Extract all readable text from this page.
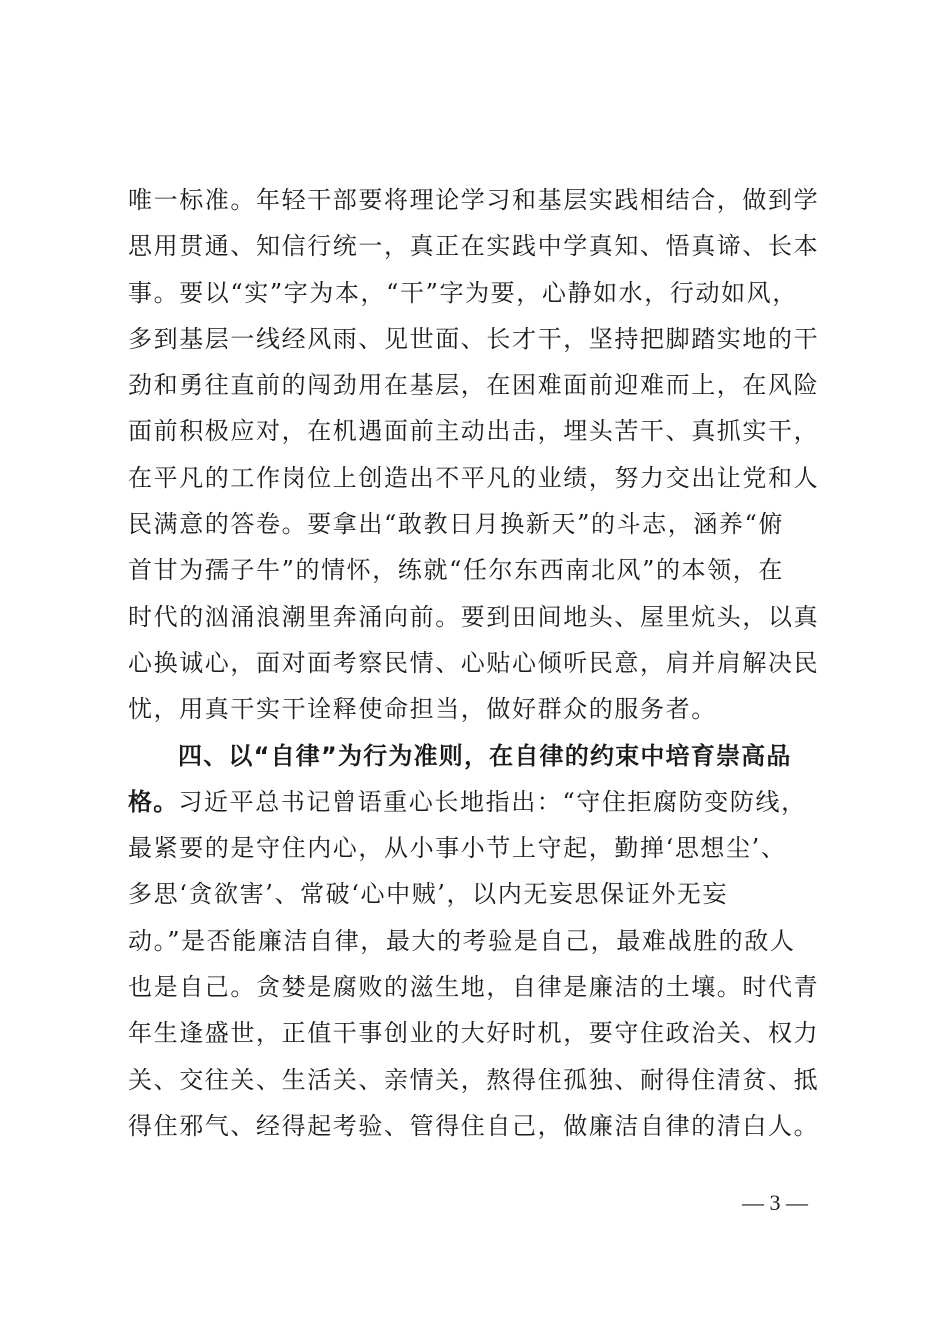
唯一标准。年轻干部要将理论学习和基层实践相结合，做到学
思用贯通、知信行统一，真正在实践中学真知、悟真谛、长本
事。要以“实”字为本，“干”字为要，心静如水，行动如风，
多到基层一线经风雨、见世面、长才干，坚持把脚踏实地的干
劲和勇往直前的闯劲用在基层，在困难面前迎难而上，在风险
面前积极应对，在机遇面前主动出击，埋头苦干、真抓实干，
在平凡的工作岗位上创造出不平凡的业绩，努力交出让党和人
民满意的答卷。要拿出“敢教日月换新天”的斗志，涵养“俯
首甘为孺子牛”的情怀，练就“任尔东西南北风”的本领，在
时代的汹涌浪潮里奔涌向前。要到田间地头、屋里炕头，以真
心换诚心，面对面考察民情、心贴心倾听民意，肩并肩解决民
忧，用真干实干诠释使命担当，做好群众的服务者。
四、以“自律”为行为准则，在自律的约束中培育崇高品
格。习近平总书记曾语重心长地指出：“守住拒腐防变防线，
最紧要的是守住内心，从小事小节上守起，勤掸‘思想尘’、
多思‘贪欲害’、常破‘心中贼’，以内无妄思保证外无妄
动。”是否能廉洁自律，最大的考验是自己，最难战胜的敌人
也是自己。贪婪是腐败的滋生地，自律是廉洁的土壤。时代青
年生逢盛世，正值干事创业的大好时机，要守住政治关、权力
关、交往关、生活关、亲情关，熬得住孤独、耐得住清贫、抵
得住邪气、经得起考验、管得住自己，做廉洁自律的清白人。
— 3 —
